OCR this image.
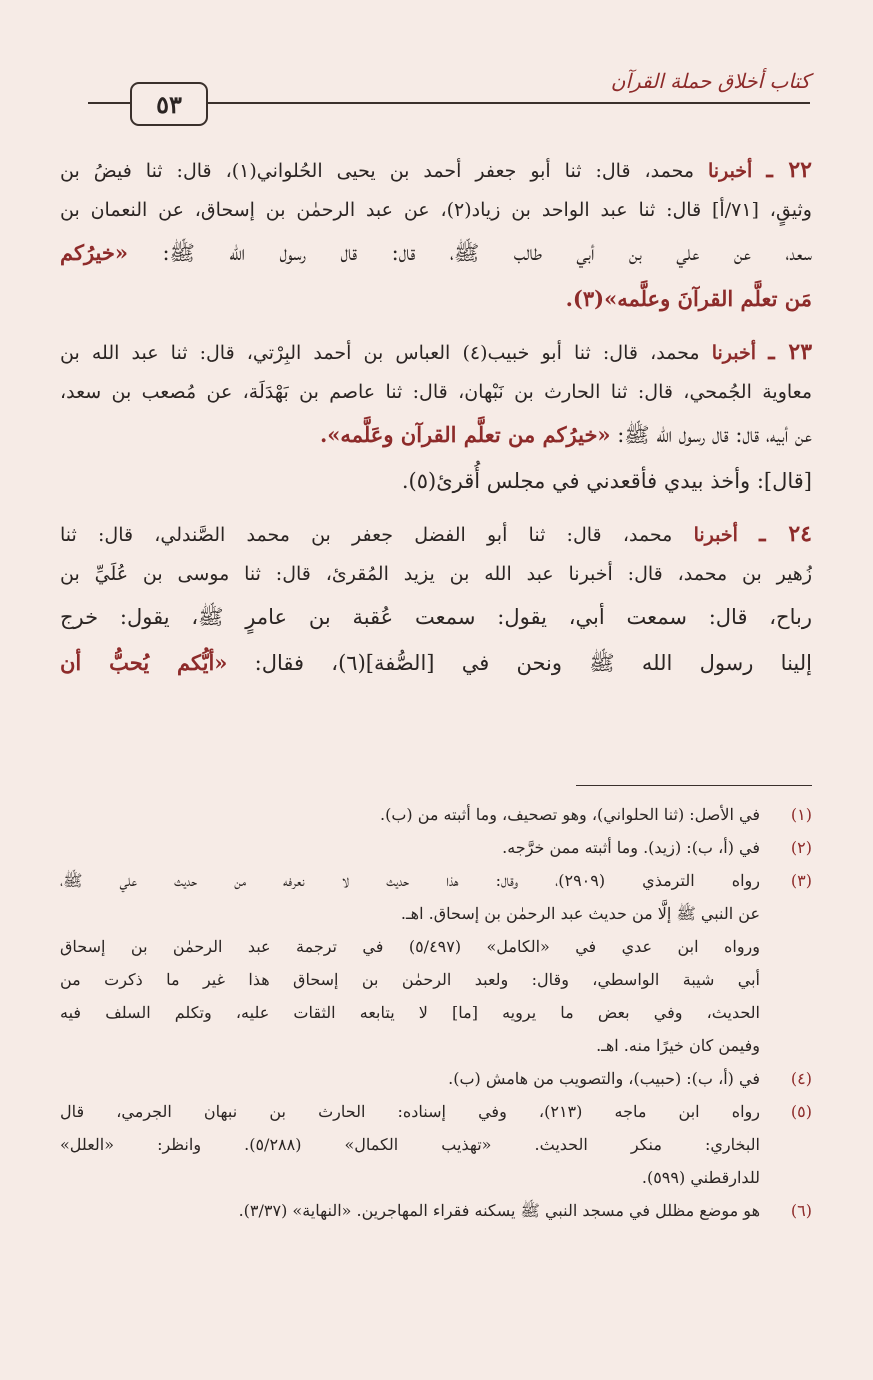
٥٣
كتاب أخلاق حملة القرآن
٢٢ ـ أخبرنا محمد، قال: ثنا أبو جعفر أحمد بن يحيى الحُلواني(١)، قال: ثنا فيضُ بن
وثيقٍ، [٧١/أ] قال: ثنا عبد الواحد بن زياد(٢)، عن عبد الرحمٰن بن إسحاق، عن النعمان بن
سعد، عن علي بن أبي طالب ﷺ، قال: قال رسول الله ﷺ: «خيرُكم
مَن تعلَّم القرآنَ وعلَّمه»(٣).
٢٣ ـ أخبرنا محمد، قال: ثنا أبو خبيب(٤) العباس بن أحمد البِرْتي، قال: ثنا عبد الله بن
معاوية الجُمحي، قال: ثنا الحارث بن نَبْهان، قال: ثنا عاصم بن بَهْدَلَة، عن مُصعب بن سعد،
عن أبيه، قال: قال رسول الله ﷺ: «خيرُكم من تعلَّم القرآن وعَلَّمه».
[قال]: وأخذ بيدي فأقعدني في مجلس أُقرئ(٥).
٢٤ ـ أخبرنا محمد، قال: ثنا أبو الفضل جعفر بن محمد الصَّندلي، قال: ثنا
زُهير بن محمد، قال: أخبرنا عبد الله بن يزيد المُقرئ، قال: ثنا موسى بن عُلَيِّ بن
رباح، قال: سمعت أبي، يقول: سمعت عُقبة بن عامرٍ ﷺ، يقول: خرج
إلينا رسول الله ﷺ ونحن في [الصُّفة](٦)، فقال: «أيُّكم يُحبُّ أن
(١)
في الأصل: (ثنا الحلواني)، وهو تصحيف، وما أثبته من (ب).
(٢)
في (أ، ب): (زيد). وما أثبته ممن خرَّجه.
(٣)
رواه الترمذي (٢٩٠٩)، وقال: هذا حديث لا نعرفه من حديث علي ﷺ،
عن النبي ﷺ إلَّا من حديث عبد الرحمٰن بن إسحاق. اهـ.
ورواه ابن عدي في «الكامل» (٥/٤٩٧) في ترجمة عبد الرحمٰن بن إسحاق
أبي شيبة الواسطي، وقال: ولعبد الرحمٰن بن إسحاق هذا غير ما ذكرت من
الحديث، وفي بعض ما يرويه [ما] لا يتابعه الثقات عليه، وتكلم السلف فيه
وفيمن كان خيرًا منه. اهـ.
(٤)
في (أ، ب): (حبيب)، والتصويب من هامش (ب).
(٥)
رواه ابن ماجه (٢١٣)، وفي إسناده: الحارث بن نبهان الجرمي، قال
البخاري: منكر الحديث. «تهذيب الكمال» (٥/٢٨٨). وانظر: «العلل»
للدارقطني (٥٩٩).
(٦)
هو موضع مظلل في مسجد النبي ﷺ يسكنه فقراء المهاجرين. «النهاية» (٣/٣٧).
